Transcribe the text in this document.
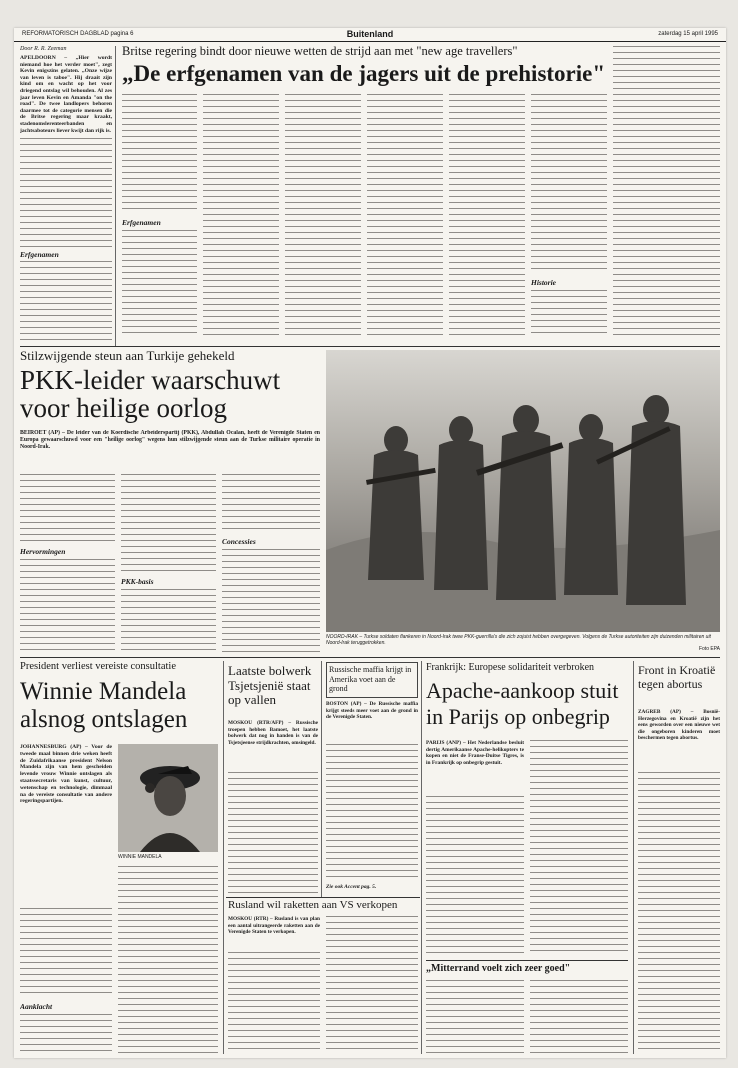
REFORMATORISCH DAGBLAD pagina 6	Buitenland	zaterdag 15 april 1995
Door R. R. Zeeman
APELDOORN – „Hier wordt niemand hoe het verder moet", zegt Kevin enigszins gelaten. „Onze wijze van leven is taboe". Hij draait zijn kind om en wacht op het voor driegend ontslag wil behouden. Al zes jaar leven Kevin en Amanda "on the road". De twee landlopers behoren daarmee tot de categorie mensen die de Britse regering maar kraakt, stadenomslerenteerbanden en jachtsaboteurs liever kwijt dan rijk is.
Erfgenamen
Britse regering bindt door nieuwe wetten de strijd aan met "new age travellers"
„De erfgenamen van de jagers uit de prehistorie"
Erfgenamen
Historie
Stilzwijgende steun aan Turkije gehekeld
PKK-leider waarschuwt
voor heilige oorlog
BEIROET (AP) – De leider van de Koerdische Arbeiderspartij (PKK), Abdullah Ocalan, heeft de Verenigde Staten en Europa gewaarschuwd voor een "heilige oorlog" wegens hun stilzwijgende steun aan de Turkse militaire operatie in Noord-Irak.
Hervormingen
PKK-basis
Concessies
NOORD-IRAK – Turkse soldaten flankeren in Noord-Irak twee PKK-guerrilla's die zich zojuist hebben overgegeven. Volgens de Turkse autoriteiten zijn duizenden militairen uit Noord-Irak teruggetrokken.
Foto EPA
President verliest vereiste consultatie
Winnie Mandela
alsnog ontslagen
JOHANNESBURG (AP) – Voor de tweede maal binnen drie weken heeft de Zuidafrikaanse president Nelson Mandela zijn van hem gescheiden levende vrouw Winnie ontslagen als staatssecretaris van kunst, cultuur, wetenschap en technologie, dimmaal na de vereiste consultatie van andere regeringspartijen.
Aanklacht
WINNIE MANDELA
Laatste bolwerk Tsjetsjenië staat op vallen
MOSKOU (RTR/AFP) – Russische troepen hebben Bamoet, het laatste bolwerk dat nog in handen is van de Tsjetsjeense strijdkrachten, omsingeld.
Russische maffia krijgt in Amerika voet aan de grond
BOSTON (AP) – De Russische maffia krijgt steeds meer voet aan de grond in de Verenigde Staten.
Zie ook Accent pag. 5.
Rusland wil raketten aan VS verkopen
MOSKOU (RTR) – Rusland is van plan een aantal uitrangeerde raketten aan de Verenigde Staten te verkopen.
Frankrijk: Europese solidariteit verbroken
Apache-aankoop stuit
in Parijs op onbegrip
PARIJS (ANP) – Het Nederlandse besluit dertig Amerikaanse Apache-helikopters te kopen en niet de Franse-Duitse Tigres, is in Frankrijk op onbegrip gestuit.
„Mitterrand voelt zich zeer goed"
Front in Kroatië tegen abortus
ZAGREB (AP) – Bosnië-Herzegovina en Kroatië zijn het eens geworden over een nieuwe wet die ongeboren kinderen moet beschermen tegen abortus.
